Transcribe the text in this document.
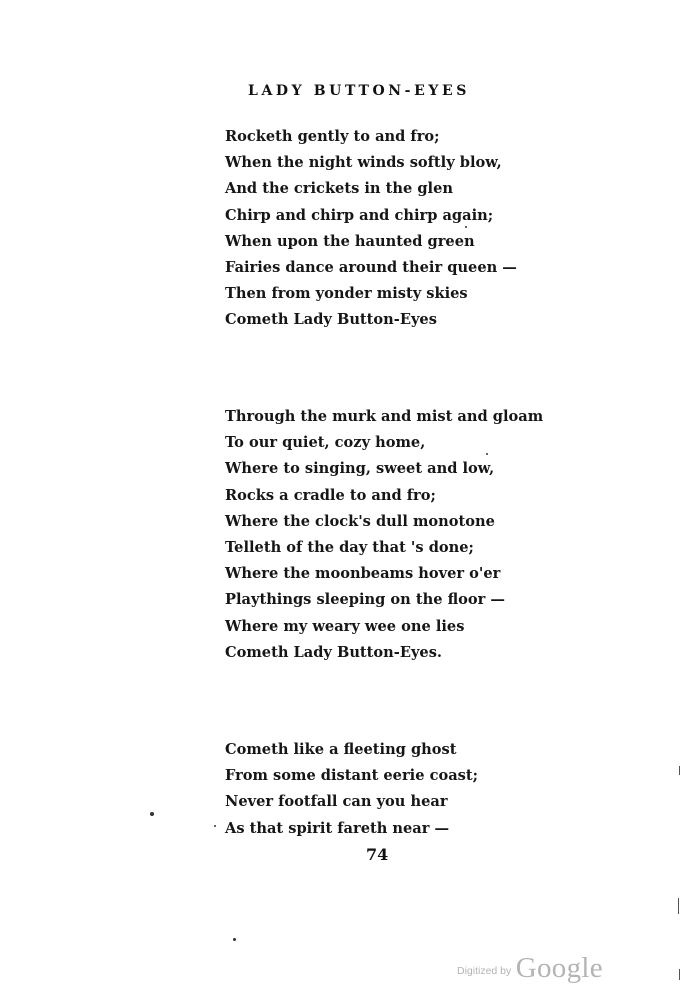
LADY BUTTON-EYES
Rocketh gently to and fro;
When the night winds softly blow,
And the crickets in the glen
Chirp and chirp and chirp again;
When upon the haunted green
Fairies dance around their queen —
Then from yonder misty skies
Cometh Lady Button-Eyes
Through the murk and mist and gloam
To our quiet, cozy home,
Where to singing, sweet and low,
Rocks a cradle to and fro;
Where the clock's dull monotone
Telleth of the day that 's done;
Where the moonbeams hover o'er
Playthings sleeping on the floor —
Where my weary wee one lies
Cometh Lady Button-Eyes.
Cometh like a fleeting ghost
From some distant eerie coast;
Never footfall can you hear
As that spirit fareth near —
74
Digitized by Google
